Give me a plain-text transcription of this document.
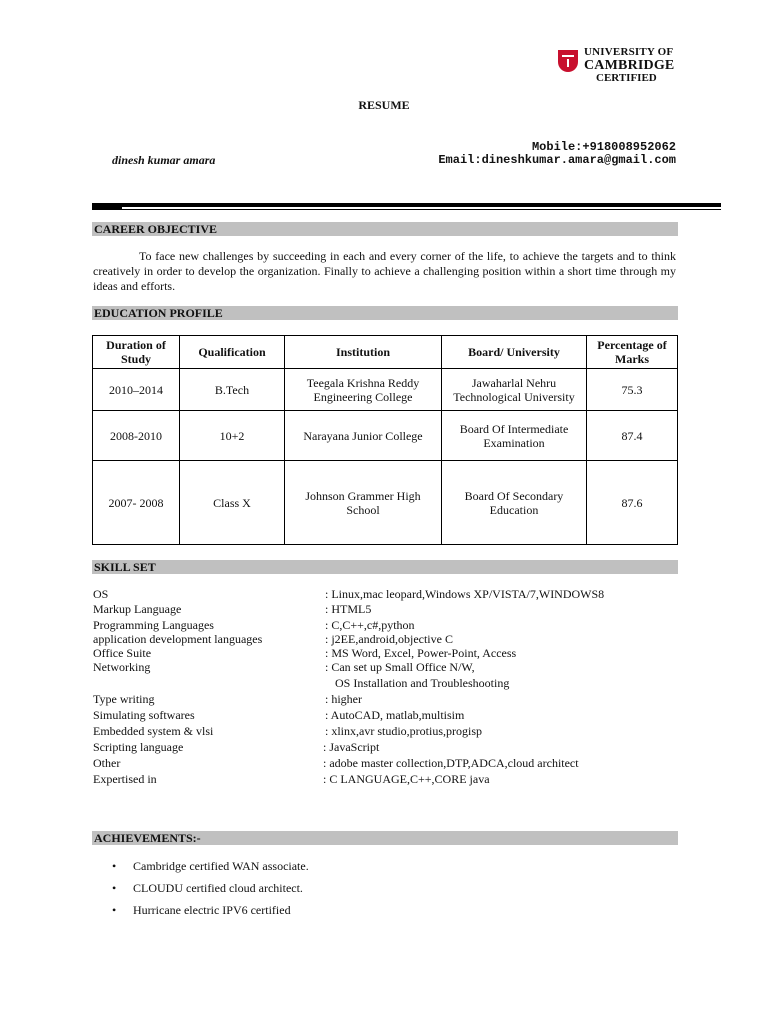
UNIVERSITY OF
CAMBRIDGE
CERTIFIED
RESUME
Mobile:+918008952062
dinesh kumar amara	Email:dineshkumar.amara@gmail.com
CAREER OBJECTIVE
To face new challenges by succeeding in each and every corner of the life, to achieve the targets and to think creatively in order to develop the organization. Finally to achieve a challenging position within a short time through my ideas and efforts.
EDUCATION PROFILE
Duration of Study	Qualification	Institution	Board/ University	Percentage of Marks
2010–2014	B.Tech	Teegala Krishna Reddy Engineering College	Jawaharlal Nehru Technological University	75.3
2008-2010	10+2	Narayana Junior College	Board Of Intermediate Examination	87.4
2007- 2008	Class X	Johnson Grammer High School	Board Of Secondary Education	87.6
SKILL SET
OS	: Linux,mac leopard,Windows XP/VISTA/7,WINDOWS8
Markup Language	: HTML5
Programming Languages	: C,C++,c#,python
application development languages	: j2EE,android,objective C
Office Suite	: MS Word, Excel, Power-Point, Access
Networking	: Can set up Small Office N/W,
OS Installation and Troubleshooting
Type writing	: higher
Simulating softwares	: AutoCAD, matlab,multisim
Embedded system & vlsi	: xlinx,avr studio,protius,progisp
Scripting language	: JavaScript
Other	: adobe master collection,DTP,ADCA,cloud architect
Expertised in	: C LANGUAGE,C++,CORE java
ACHIEVEMENTS:-
• Cambridge certified WAN associate.
• CLOUDU certified cloud architect.
• Hurricane electric IPV6 certified
